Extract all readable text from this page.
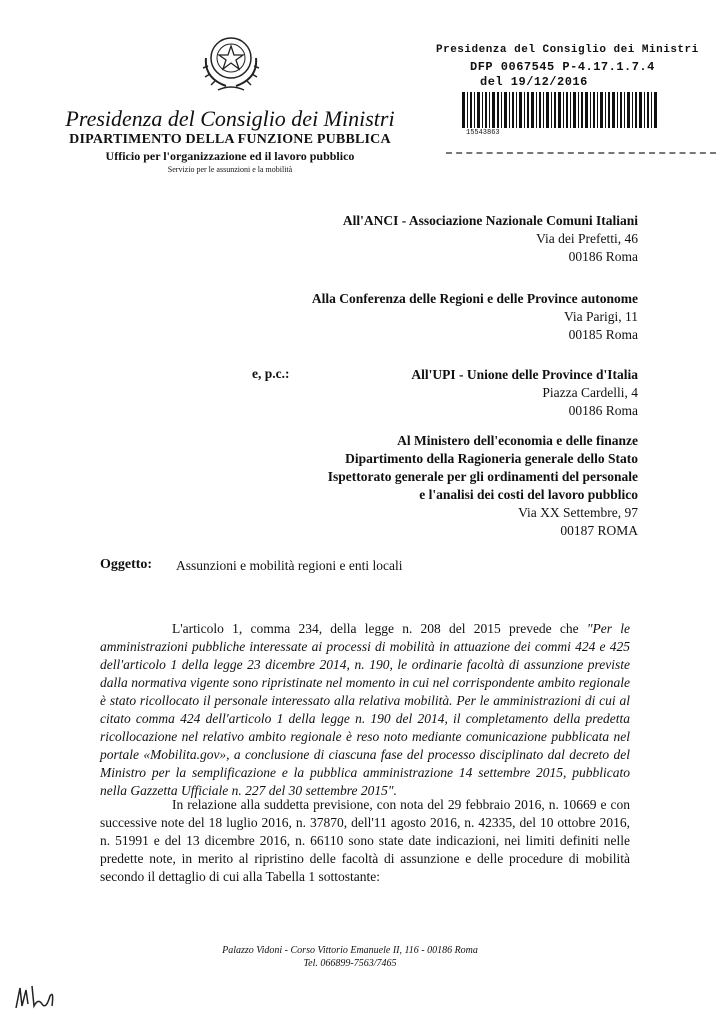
Presidenza del Consiglio dei Ministri
DIPARTIMENTO DELLA FUNZIONE PUBBLICA
Ufficio per l'organizzazione ed il lavoro pubblico
Servizio per le assunzioni e la mobilità
Presidenza del Consiglio dei Ministri
DFP 0067545 P-4.17.1.7.4
del 19/12/2016
15543863
All'ANCI - Associazione Nazionale Comuni Italiani
Via dei Prefetti, 46
00186 Roma
Alla Conferenza delle Regioni e delle Province autonome
Via Parigi, 11
00185 Roma
e, p.c.:	All'UPI - Unione delle Province d'Italia
Piazza Cardelli, 4
00186 Roma
Al Ministero dell'economia e delle finanze
Dipartimento della Ragioneria generale dello Stato
Ispettorato generale per gli ordinamenti del personale
e l'analisi dei costi del lavoro pubblico
Via XX Settembre, 97
00187 ROMA
Oggetto: Assunzioni e mobilità regioni e enti locali
L'articolo 1, comma 234, della legge n. 208 del 2015 prevede che "Per le amministrazioni pubbliche interessate ai processi di mobilità in attuazione dei commi 424 e 425 dell'articolo 1 della legge 23 dicembre 2014, n. 190, le ordinarie facoltà di assunzione previste dalla normativa vigente sono ripristinate nel momento in cui nel corrispondente ambito regionale è stato ricollocato il personale interessato alla relativa mobilità. Per le amministrazioni di cui al citato comma 424 dell'articolo 1 della legge n. 190 del 2014, il completamento della predetta ricollocazione nel relativo ambito regionale è reso noto mediante comunicazione pubblicata nel portale «Mobilita.gov», a conclusione di ciascuna fase del processo disciplinato dal decreto del Ministro per la semplificazione e la pubblica amministrazione 14 settembre 2015, pubblicato nella Gazzetta Ufficiale n. 227 del 30 settembre 2015".
In relazione alla suddetta previsione, con nota del 29 febbraio 2016, n. 10669 e con successive note del 18 luglio 2016, n. 37870, dell'11 agosto 2016, n. 42335, del 10 ottobre 2016, n. 51991 e del 13 dicembre 2016, n. 66110 sono state date indicazioni, nei limiti definiti nelle predette note, in merito al ripristino delle facoltà di assunzione e delle procedure di mobilità secondo il dettaglio di cui alla Tabella 1 sottostante:
Palazzo Vidoni - Corso Vittorio Emanuele II, 116 - 00186 Roma
Tel. 066899-7563/7465
